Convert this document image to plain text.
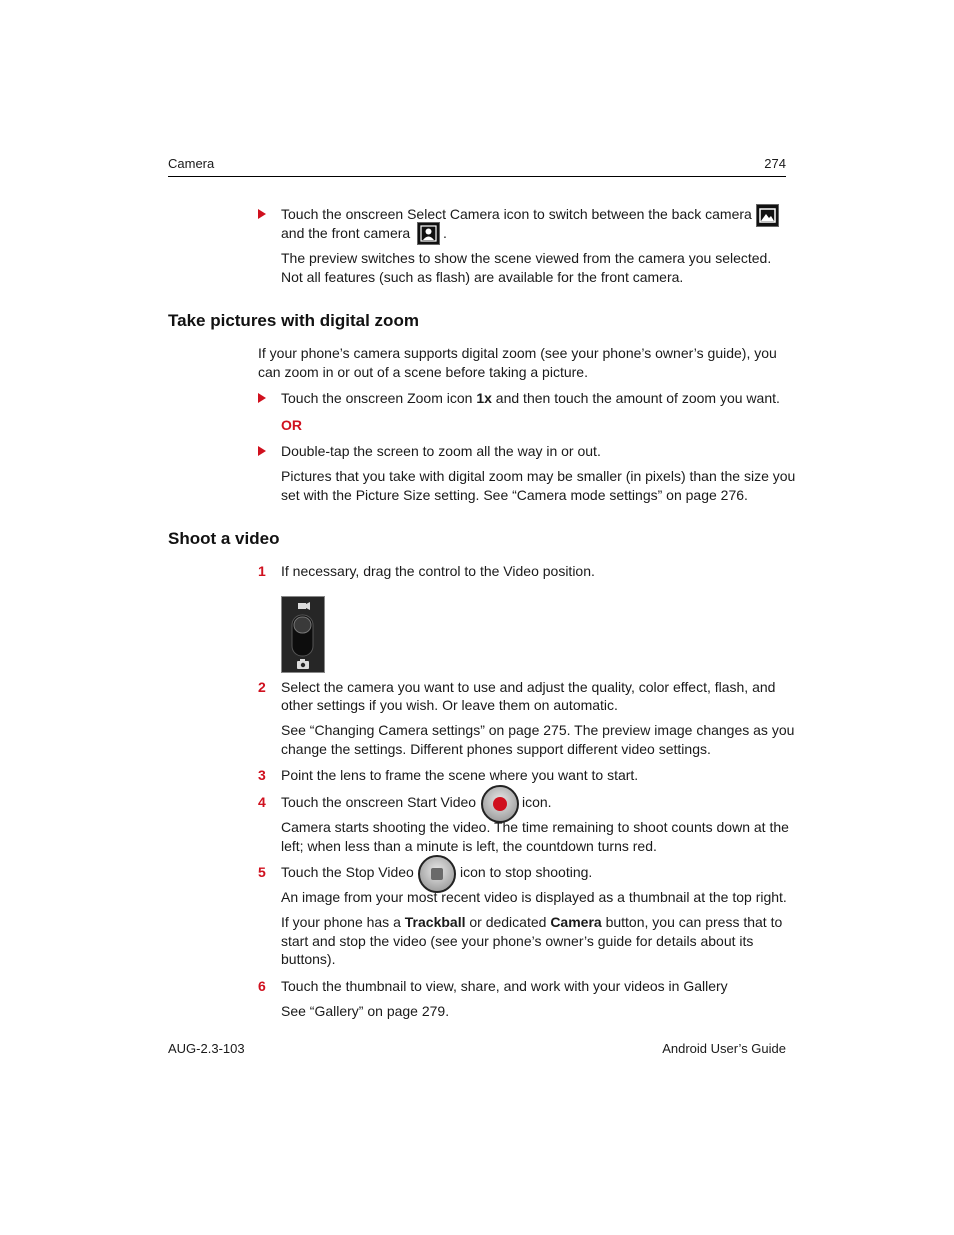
Camera	274
Touch the onscreen Select Camera icon to switch between the back camera
and the front camera .
The preview switches to show the scene viewed from the camera you selected.
Not all features (such as flash) are available for the front camera.
Take pictures with digital zoom
If your phone’s camera supports digital zoom (see your phone’s owner’s guide), you
can zoom in or out of a scene before taking a picture.
Touch the onscreen Zoom icon 1x and then touch the amount of zoom you want.
OR
Double-tap the screen to zoom all the way in or out.
Pictures that you take with digital zoom may be smaller (in pixels) than the size you
set with the Picture Size setting. See “Camera mode settings” on page 276.
Shoot a video
1 If necessary, drag the control to the Video position.
2 Select the camera you want to use and adjust the quality, color effect, flash, and
other settings if you wish. Or leave them on automatic.
See “Changing Camera settings” on page 275. The preview image changes as you
change the settings. Different phones support different video settings.
3 Point the lens to frame the scene where you want to start.
4 Touch the onscreen Start Video	icon.
Camera starts shooting the video. The time remaining to shoot counts down at the
left; when less than a minute is left, the countdown turns red.
5 Touch the Stop Video	icon to stop shooting.
An image from your most recent video is displayed as a thumbnail at the top right.
If your phone has a Trackball or dedicated Camera button, you can press that to
start and stop the video (see your phone’s owner’s guide for details about its
buttons).
6 Touch the thumbnail to view, share, and work with your videos in Gallery
See “Gallery” on page 279.
AUG-2.3-103	Android User’s Guide
